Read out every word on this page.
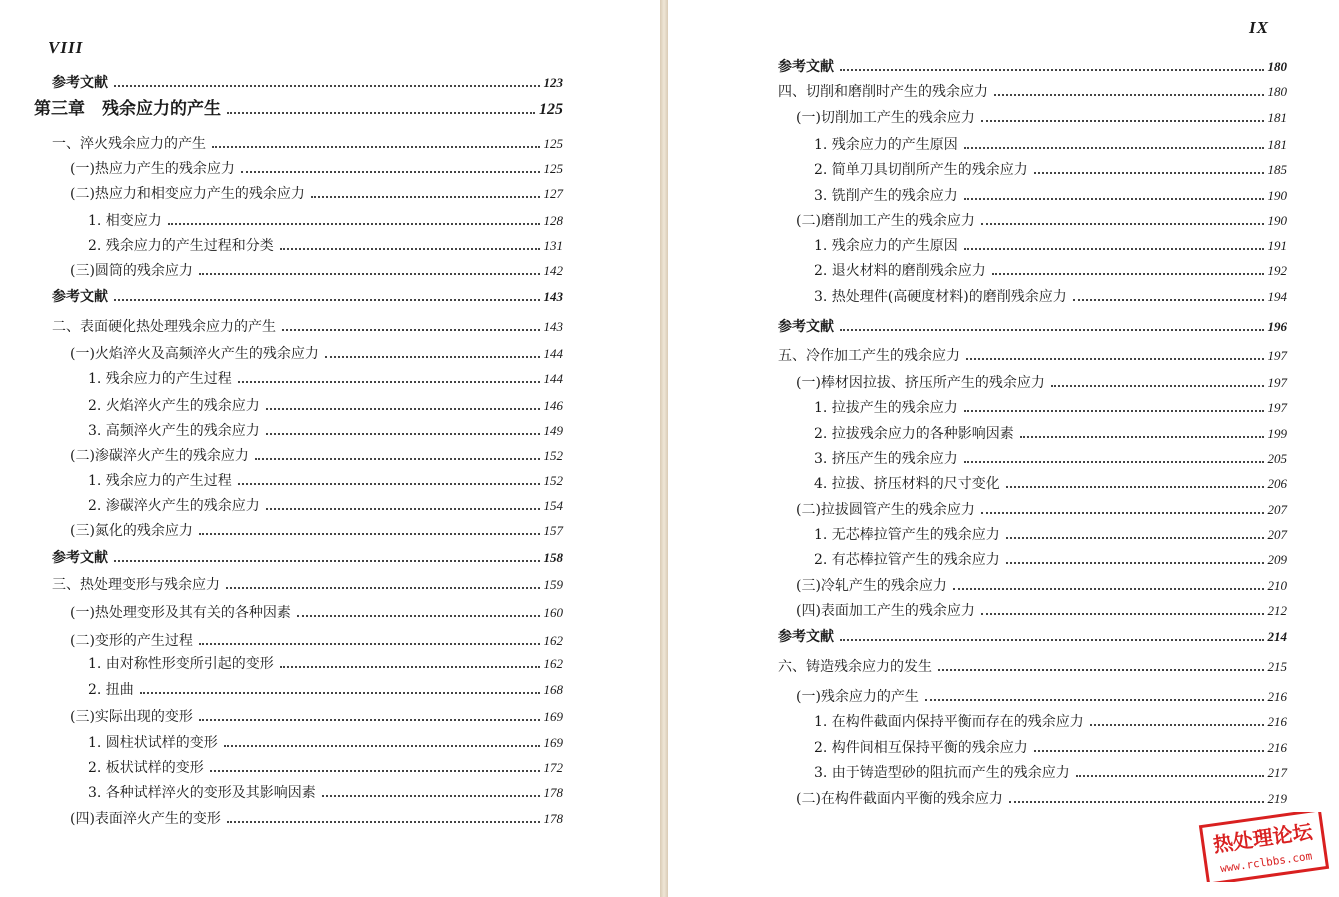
VIII
参考文献	123
第三章　残余应力的产生	125
一、淬火残余应力的产生	125
(一)热应力产生的残余应力	125
(二)热应力和相变应力产生的残余应力	127
1. 相变应力	128
2. 残余应力的产生过程和分类	131
(三)圆筒的残余应力	142
参考文献	143
二、表面硬化热处理残余应力的产生	143
(一)火焰淬火及高频淬火产生的残余应力	144
1. 残余应力的产生过程	144
2. 火焰淬火产生的残余应力	146
3. 高频淬火产生的残余应力	149
(二)渗碳淬火产生的残余应力	152
1. 残余应力的产生过程	152
2. 渗碳淬火产生的残余应力	154
(三)氮化的残余应力	157
参考文献	158
三、热处理变形与残余应力	159
(一)热处理变形及其有关的各种因素	160
(二)变形的产生过程	162
1. 由对称性形变所引起的变形	162
2. 扭曲	168
(三)实际出现的变形	169
1. 圆柱状试样的变形	169
2. 板状试样的变形	172
3. 各种试样淬火的变形及其影响因素	178
(四)表面淬火产生的变形	178
IX
参考文献	180
四、切削和磨削时产生的残余应力	180
(一)切削加工产生的残余应力	181
1. 残余应力的产生原因	181
2. 简单刀具切削所产生的残余应力	185
3. 铣削产生的残余应力	190
(二)磨削加工产生的残余应力	190
1. 残余应力的产生原因	191
2. 退火材料的磨削残余应力	192
3. 热处理件(高硬度材料)的磨削残余应力	194
参考文献	196
五、冷作加工产生的残余应力	197
(一)棒材因拉拔、挤压所产生的残余应力	197
1. 拉拔产生的残余应力	197
2. 拉拔残余应力的各种影响因素	199
3. 挤压产生的残余应力	205
4. 拉拔、挤压材料的尺寸变化	206
(二)拉拔圆管产生的残余应力	207
1. 无芯棒拉管产生的残余应力	207
2. 有芯棒拉管产生的残余应力	209
(三)冷轧产生的残余应力	210
(四)表面加工产生的残余应力	212
参考文献	214
六、铸造残余应力的发生	215
(一)残余应力的产生	216
1. 在构件截面内保持平衡而存在的残余应力	216
2. 构件间相互保持平衡的残余应力	216
3. 由于铸造型砂的阻抗而产生的残余应力	217
(二)在构件截面内平衡的残余应力	219
热处理论坛
www.rclbbs.com
